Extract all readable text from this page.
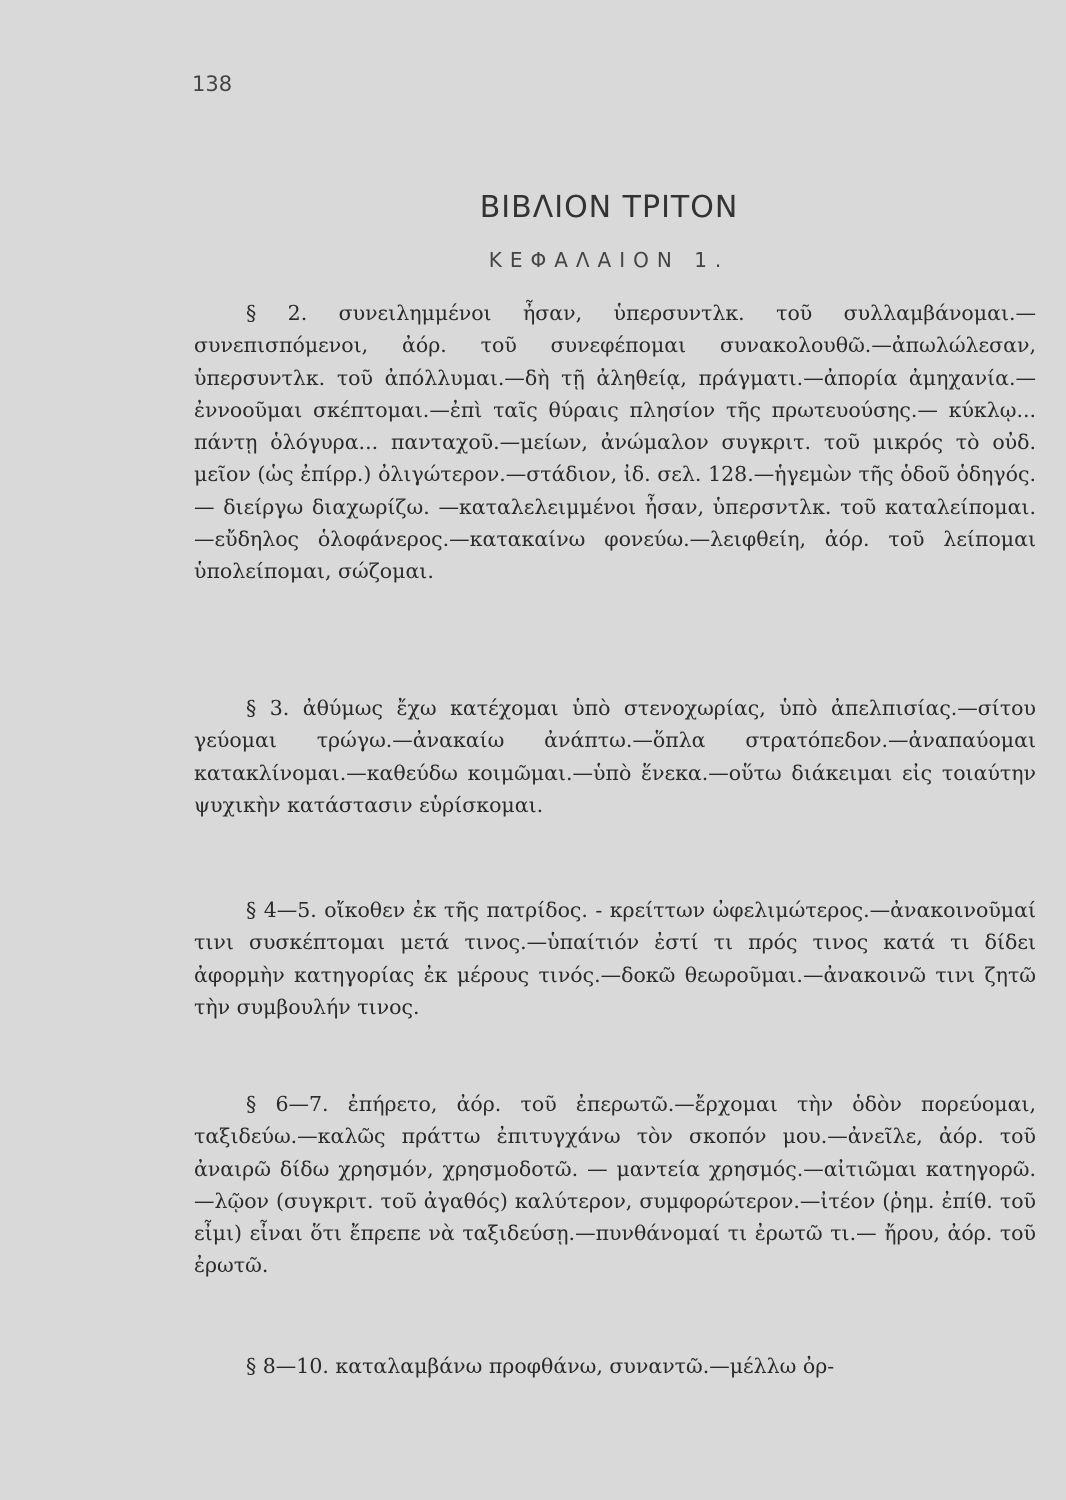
138
ΒΙΒΛΙΟΝ ΤΡΙΤΟΝ
ΚΕΦΑΛΑΙΟΝ 1.

§ 2. συνειλημμένοι ἦσαν, ὑπερσυντλκ. τοῦ συλλαμβάνομαι.—συνεπισπόμενοι, ἀόρ. τοῦ συνεφέπομαι συνακολουθῶ.—ἀπωλώλεσαν, ὑπερσυντλκ. τοῦ ἀπόλλυμαι.—δὴ τῇ ἀληθείᾳ, πράγματι.—ἀπορία ἀμηχανία.— ἐννοοῦμαι σκέπτομαι.—ἐπὶ ταῖς θύραις πλησίον τῆς πρωτευούσης.— κύκλῳ... πάντῃ ὁλόγυρα... πανταχοῦ.—μείων, ἀνώμαλον συγκριτ. τοῦ μικρός τὸ οὐδ. μεῖον (ὡς ἐπίρρ.) ὀλιγώτερον.—στάδιον, ἰδ. σελ. 128.—ἡγεμὼν τῆς ὁδοῦ ὁδηγός. — διείργω διαχωρίζω. —καταλελειμμένοι ἦσαν, ὑπερσντλκ. τοῦ καταλείπομαι.—εὔδηλος ὁλοφάνερος.—κατακαίνω φονεύω.—λειφθείη, ἀόρ. τοῦ λείπομαι ὑπολείπομαι, σώζομαι.

§ 3. ἀθύμως ἔχω κατέχομαι ὑπὸ στενοχωρίας, ὑπὸ ἀπελπισίας.—σίτου γεύομαι τρώγω.—ἀνακαίω ἀνάπτω.—ὅπλα στρατόπεδον.—ἀναπαύομαι κατακλίνομαι.—καθεύδω κοιμῶμαι.—ὑπὸ ἕνεκα.—οὕτω διάκειμαι εἰς τοιαύτην ψυχικὴν κατάστασιν εὑρίσκομαι.

§ 4—5. οἴκοθεν ἐκ τῆς πατρίδος. - κρείττων ὠφελιμώτερος.—ἀνακοινοῦμαί τινι συσκέπτομαι μετά τινος.—ὑπαίτιόν ἐστί τι πρός τινος κατά τι δίδει ἀφορμὴν κατηγορίας ἐκ μέρους τινός.—δοκῶ θεωροῦμαι.—ἀνακοινῶ τινι ζητῶ τὴν συμβουλήν τινος.

§ 6—7. ἐπήρετο, ἀόρ. τοῦ ἐπερωτῶ.—ἔρχομαι τὴν ὁδὸν πορεύομαι, ταξιδεύω.—καλῶς πράττω ἐπιτυγχάνω τὸν σκοπόν μου.—ἀνεῖλε, ἀόρ. τοῦ ἀναιρῶ δίδω χρησμόν, χρησμοδοτῶ. — μαντεία χρησμός.—αἰτιῶμαι κατηγορῶ.—λῷον (συγκριτ. τοῦ ἀγαθός) καλύτερον, συμφορώτερον.—ἰτέον (ῥημ. ἐπίθ. τοῦ εἶμι) εἶναι ὅτι ἔπρεπε νὰ ταξιδεύσῃ.—πυνθάνομαί τι ἐρωτῶ τι.— ἤρου, ἀόρ. τοῦ ἐρωτῶ.

§ 8—10. καταλαμβάνω προφθάνω, συναντῶ.—μέλλω ὀρ-
